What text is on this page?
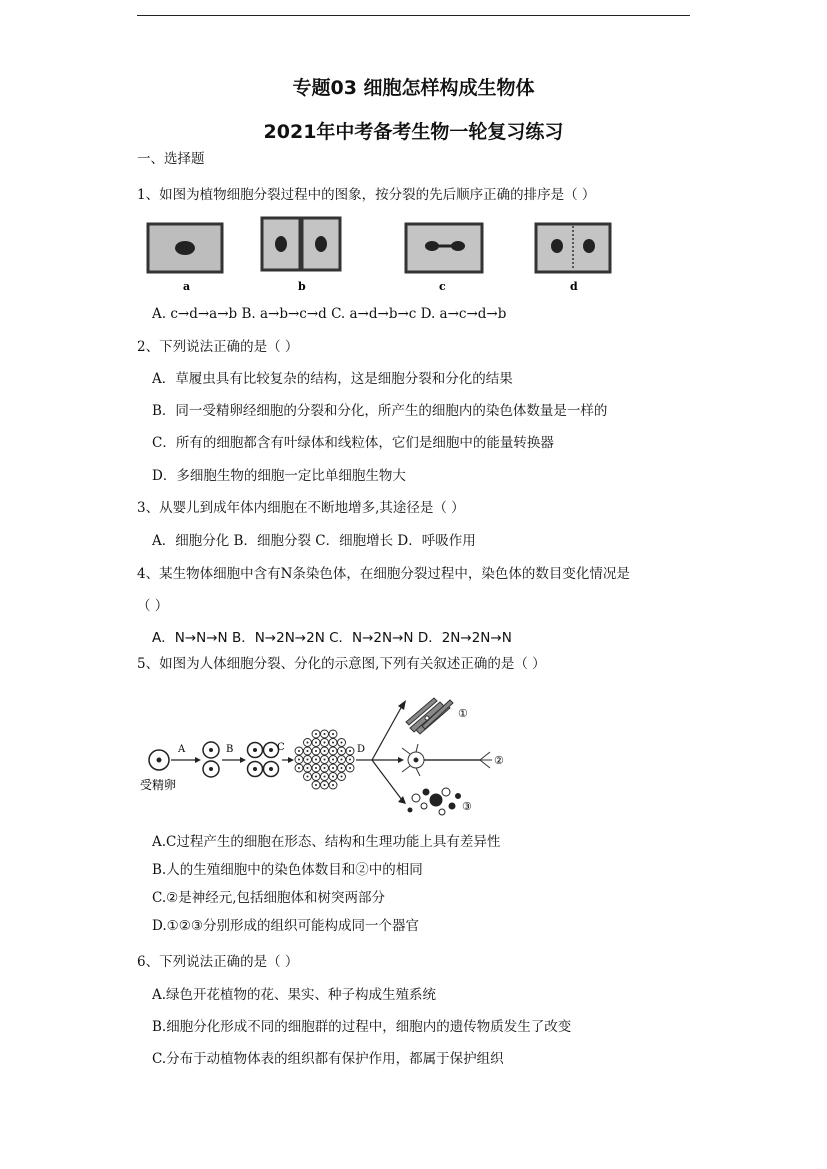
专题03 细胞怎样构成生物体
2021年中考备考生物一轮复习练习
一、选择题
1、如图为植物细胞分裂过程中的图象，按分裂的先后顺序正确的排序是（ ）
a	b	c	d
A. c→d→a→b B. a→b→c→d C. a→d→b→c D. a→c→d→b
2、下列说法正确的是（ ）
A．草履虫具有比较复杂的结构，这是细胞分裂和分化的结果
B．同一受精卵经细胞的分裂和分化，所产生的细胞内的染色体数量是一样的
C．所有的细胞都含有叶绿体和线粒体，它们是细胞中的能量转换器
D．多细胞生物的细胞一定比单细胞生物大
3、从婴儿到成年体内细胞在不断地增多,其途径是（ ）
A．细胞分化 B．细胞分裂 C．细胞增长 D．呼吸作用
4、某生物体细胞中含有N条染色体，在细胞分裂过程中，染色体的数目变化情况是
（ ）
A．N→N→N B．N→2N→2N C．N→2N→N D．2N→2N→N
5、如图为人体细胞分裂、分化的示意图,下列有关叙述正确的是（ ）
A	B	C	D
①
②
③
受精卵
A.C过程产生的细胞在形态、结构和生理功能上具有差异性
B.人的生殖细胞中的染色体数目和②中的相同
C.②是神经元,包括细胞体和树突两部分
D.①②③分别形成的组织可能构成同一个器官
6、下列说法正确的是（ ）
A.绿色开花植物的花、果实、种子构成生殖系统
B.细胞分化形成不同的细胞群的过程中，细胞内的遗传物质发生了改变
C.分布于动植物体表的组织都有保护作用，都属于保护组织
